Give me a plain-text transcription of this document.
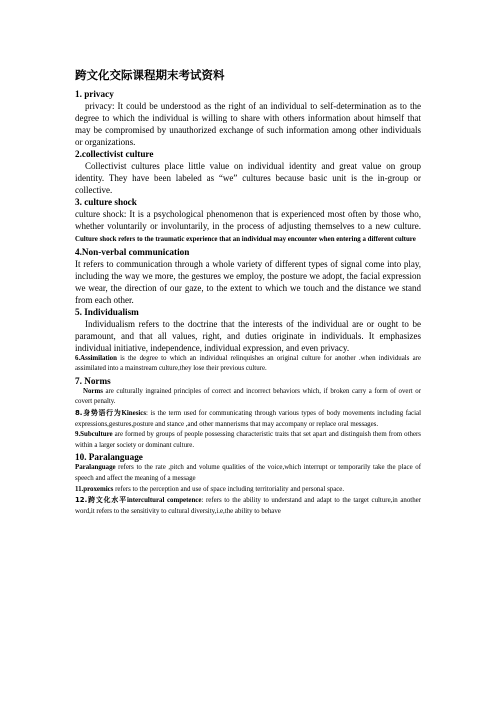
跨文化交际课程期末考试资料

1. privacy

privacy: It could be understood as the right of an individual to self-determination as to the degree to which the individual is willing to share with others information about himself that may be compromised by unauthorized exchange of such information among other individuals or organizations.

2.collectivist culture

Collectivist cultures place little value on individual identity and great value on group identity. They have been labeled as “we” cultures because basic unit is the in-group or collective.

3. culture shock

culture shock: It is a psychological phenomenon that is experienced most often by those who, whether voluntarily or involuntarily, in the process of adjusting themselves to a new culture. Culture shock refers to the traumatic experience that an individual may encounter when entering a different culture

4.Non-verbal communication

It refers to communication through a whole variety of different types of signal come into play, including the way we more, the gestures we employ, the posture we adopt, the facial expression we wear, the direction of our gaze, to the extent to which we touch and the distance we stand from each other.

5. Individualism

Individualism refers to the doctrine that the interests of the individual are or ought to be paramount, and that all values, right, and duties originate in individuals. It emphasizes individual initiative, independence, individual expression, and even privacy.

6.Assimilation is the degree to which an individual relinquishes an original culture for another .when individuals are assimilated into a mainstream culture,they lose their previous culture.

7. Norms

Norms are culturally ingrained principles of correct and incorrect behaviors which, if broken carry a form of overt or covert penalty.

8.身势语行为Kinesics: is the term used for communicating through various types of body movements including facial expressions,gestures,posture and stance ,and other mannerisms that may accompany or replace oral messages.

9.Subculture are formed by groups of people possessing characteristic traits that set apart and distinguish them from others within a larger society or dominant culture.

10. Paralanguage

Paralanguage refers to the rate ,pitch and volume qualities of the voice,which interrupt or temporarily take the place of speech and affect the meaning of a message

11.proxemics refers to the perception and use of space including territoriality and personal space.

12.跨文化水平intercultural competence: refers to the ability to understand and adapt to the target culture,in another word,it refers to the sensitivity to cultural diversity,i.e,the ability to behave
